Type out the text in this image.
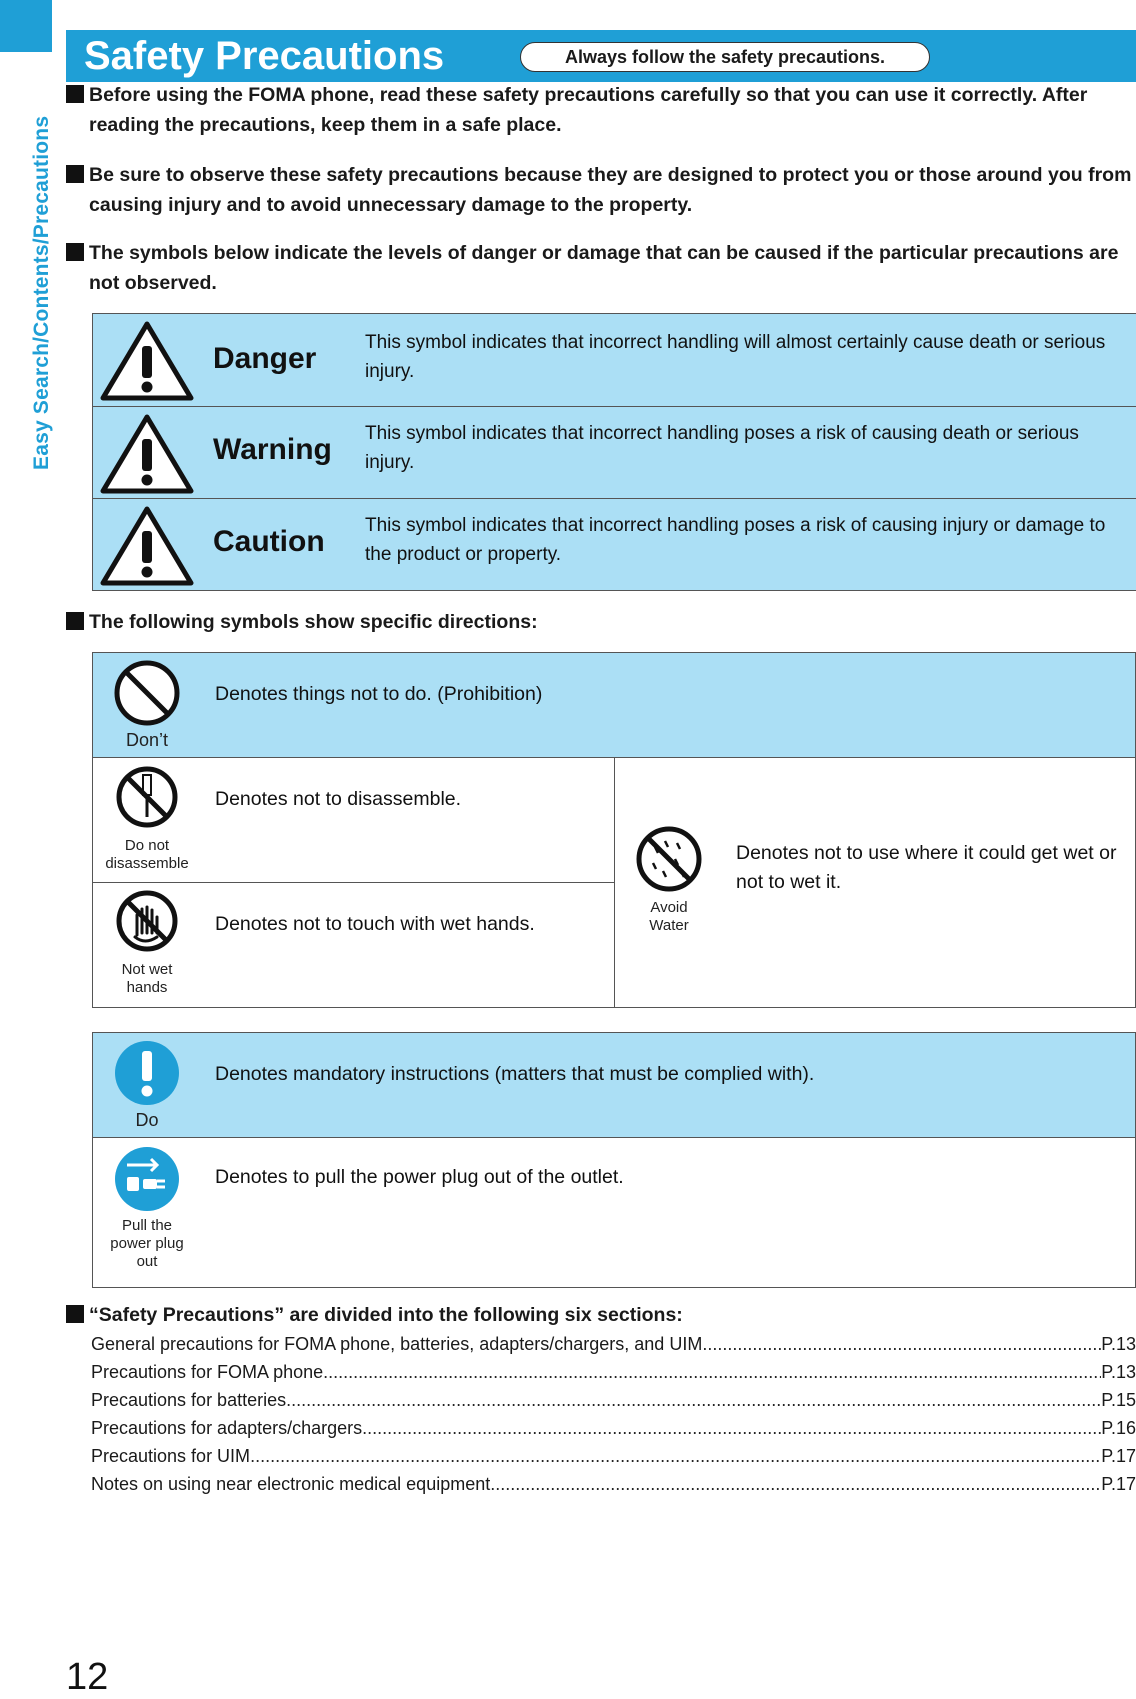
Easy Search/Contents/Precautions
Safety Precautions	Always follow the safety precautions.
Before using the FOMA phone, read these safety precautions carefully so that you can use it correctly. After reading the precautions, keep them in a safe place.
Be sure to observe these safety precautions because they are designed to protect you or those around you from causing injury and to avoid unnecessary damage to the property.
The symbols below indicate the levels of danger or damage that can be caused if the particular precautions are not observed.
Danger	This symbol indicates that incorrect handling will almost certainly cause death or serious injury.
Warning This symbol indicates that incorrect handling poses a risk of causing death or serious injury.
Caution This symbol indicates that incorrect handling poses a risk of causing injury or damage to the product or property.
The following symbols show specific directions:
Don’t
Denotes things not to do. (Prohibition)
Do not
disassemble
Denotes not to disassemble.
Not wet
hands
Denotes not to touch with wet hands.
Avoid
Water
Denotes not to use where it could get wet or not to wet it.
Do
Denotes mandatory instructions (matters that must be complied with).
Pull the
power plug
out
Denotes to pull the power plug out of the outlet.
“Safety Precautions” are divided into the following six sections:
General precautions for FOMA phone, batteries, adapters/chargers, and UIM .....	P.13
Precautions for FOMA phone .....	P.13
Precautions for batteries .....	P.15
Precautions for adapters/chargers .....	P.16
Precautions for UIM .....	P.17
Notes on using near electronic medical equipment .....	P.17
12
